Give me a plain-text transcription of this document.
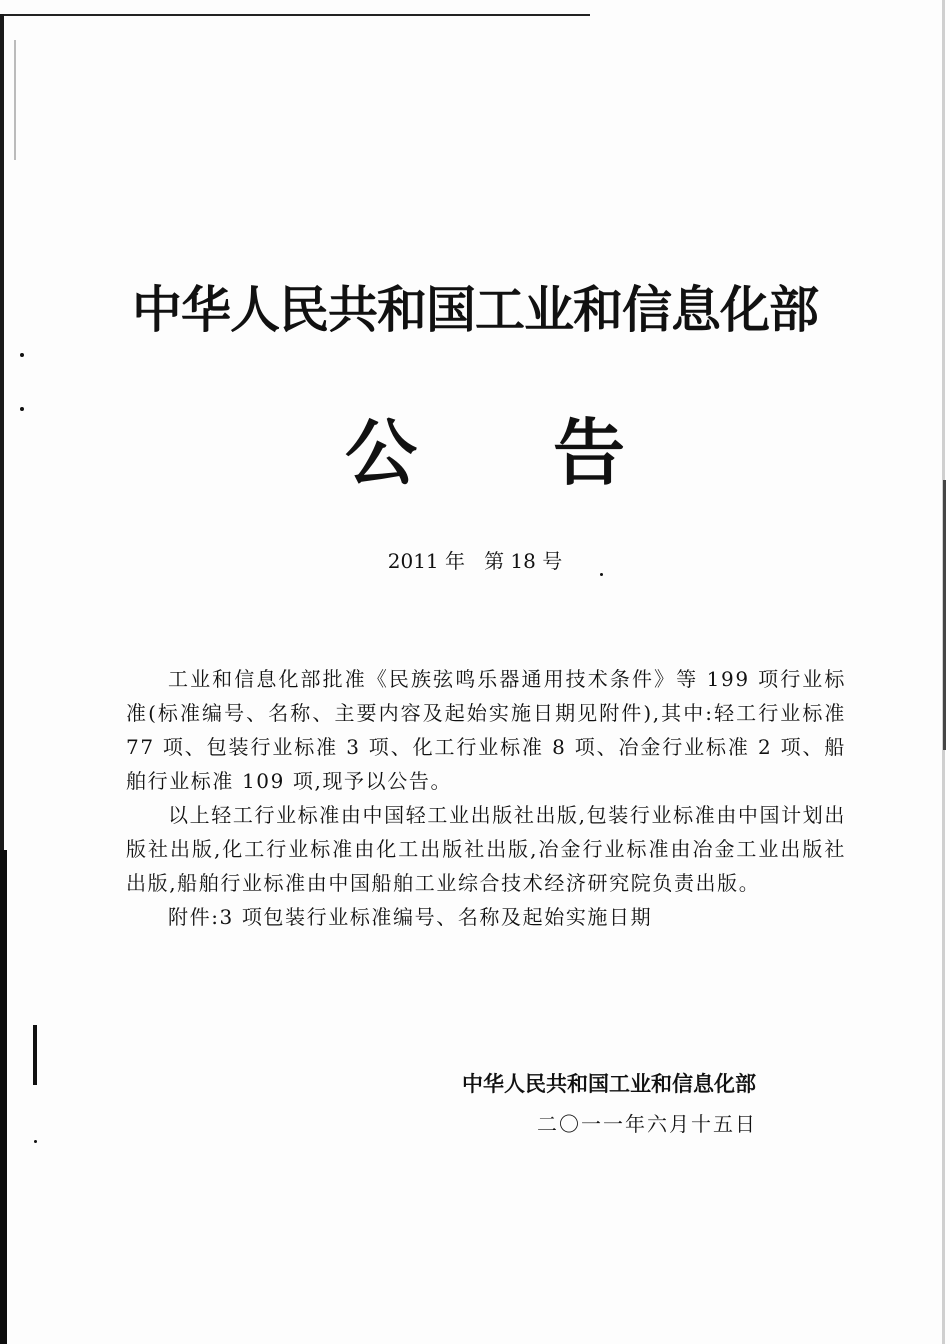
中华人民共和国工业和信息化部
公 告
2011 年   第 18 号

工业和信息化部批准《民族弦鸣乐器通用技术条件》等 199 项行业标准(标准编号、名称、主要内容及起始实施日期见附件),其中:轻工行业标准 77 项、包装行业标准 3 项、化工行业标准 8 项、冶金行业标准 2 项、船舶行业标准 109 项,现予以公告。

以上轻工行业标准由中国轻工业出版社出版,包装行业标准由中国计划出版社出版,化工行业标准由化工出版社出版,冶金行业标准由冶金工业出版社出版,船舶行业标准由中国船舶工业综合技术经济研究院负责出版。

附件:3 项包装行业标准编号、名称及起始实施日期

中华人民共和国工业和信息化部
二〇一一年六月十五日
